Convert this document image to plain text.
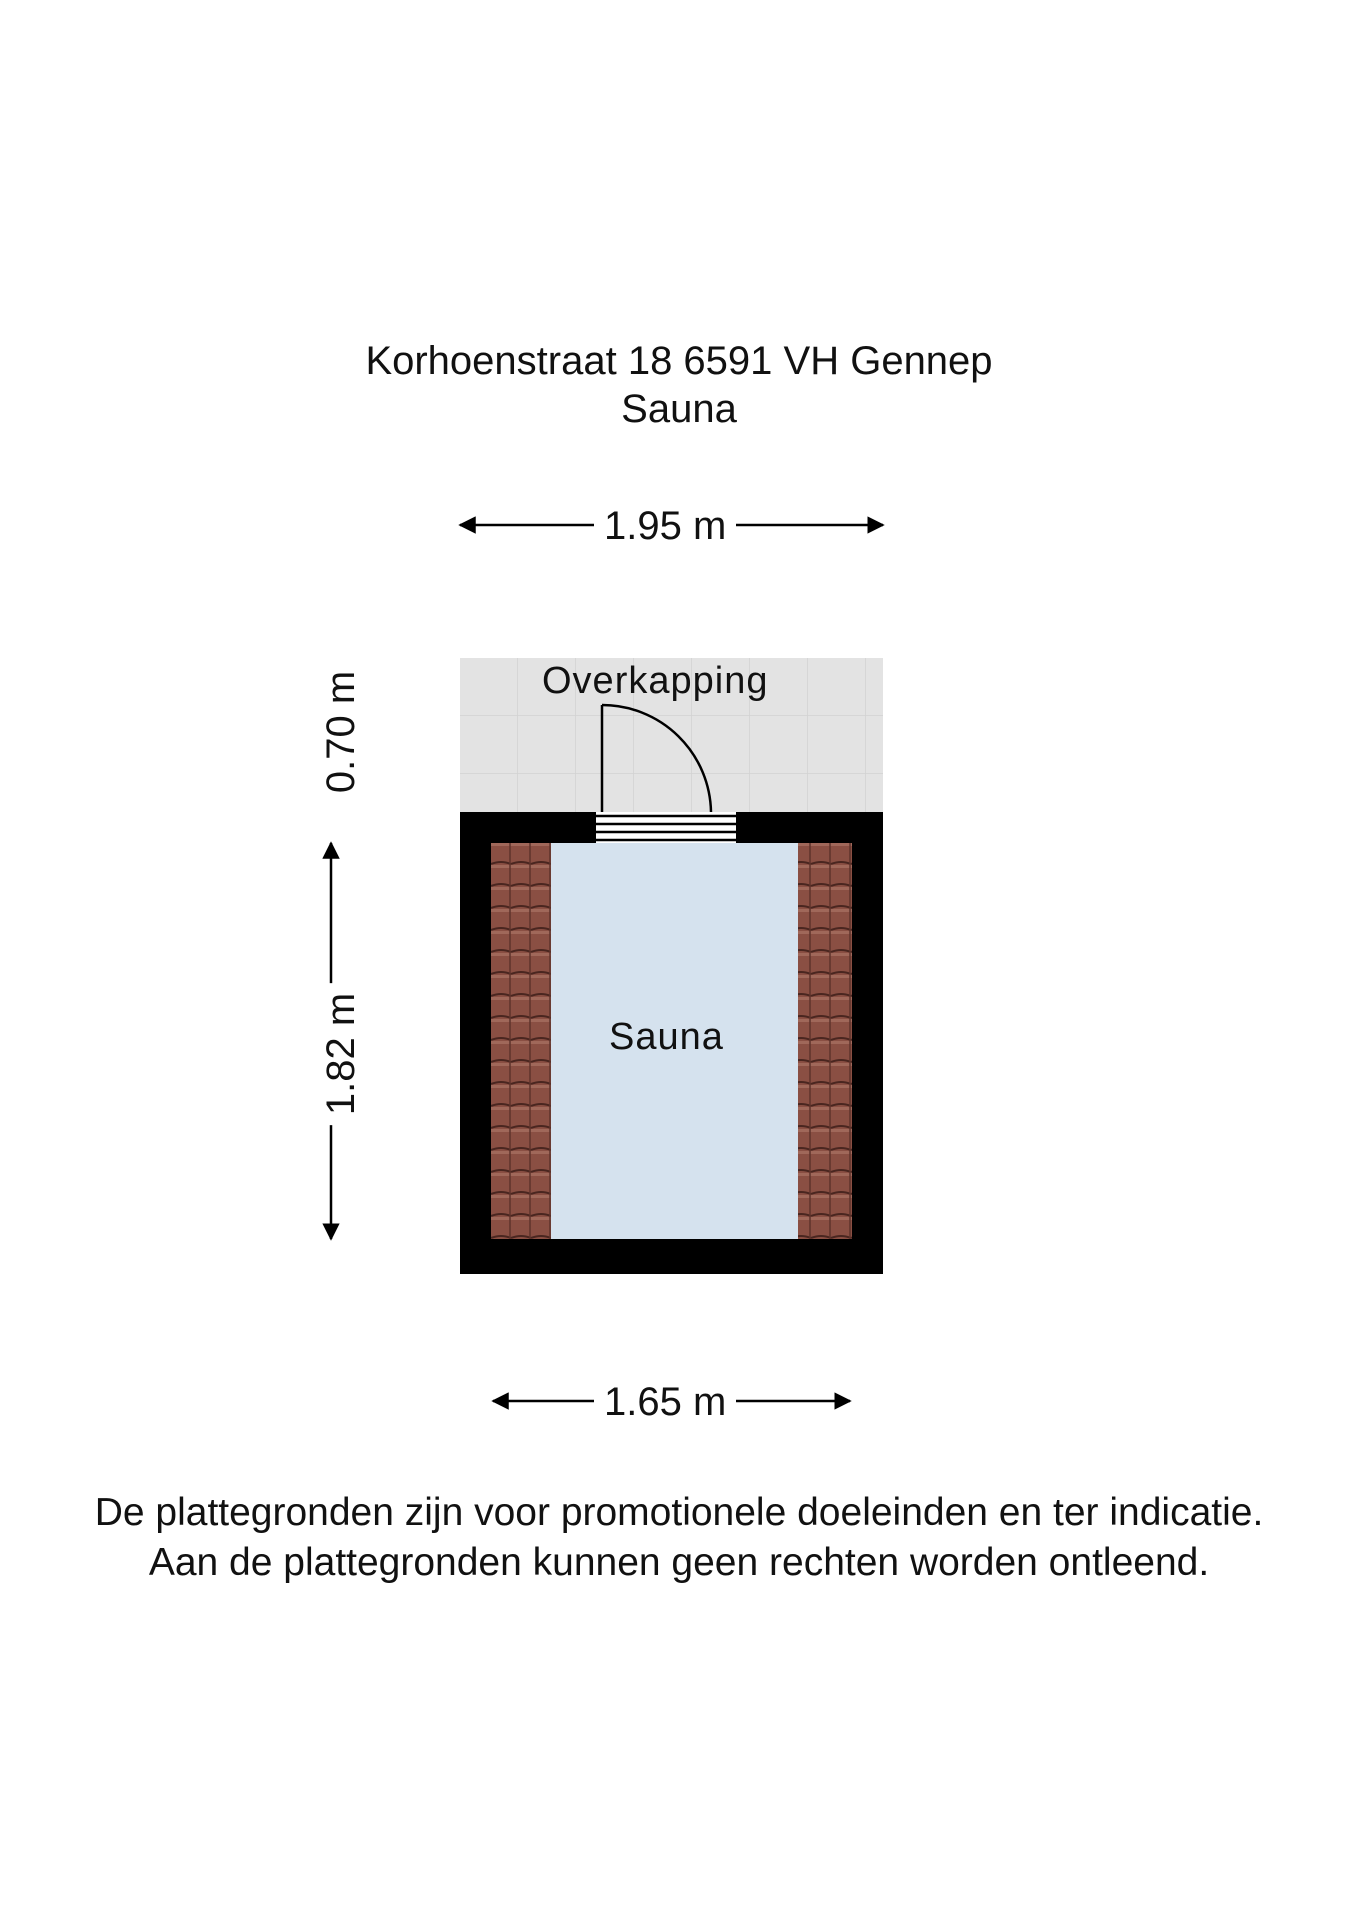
Korhoenstraat 18 6591 VH Gennep
Sauna
1.95 m
1.65 m
0.70 m
1.82 m
Overkapping
Sauna
De plattegronden zijn voor promotionele doeleinden en ter indicatie.
Aan de plattegronden kunnen geen rechten worden ontleend.
